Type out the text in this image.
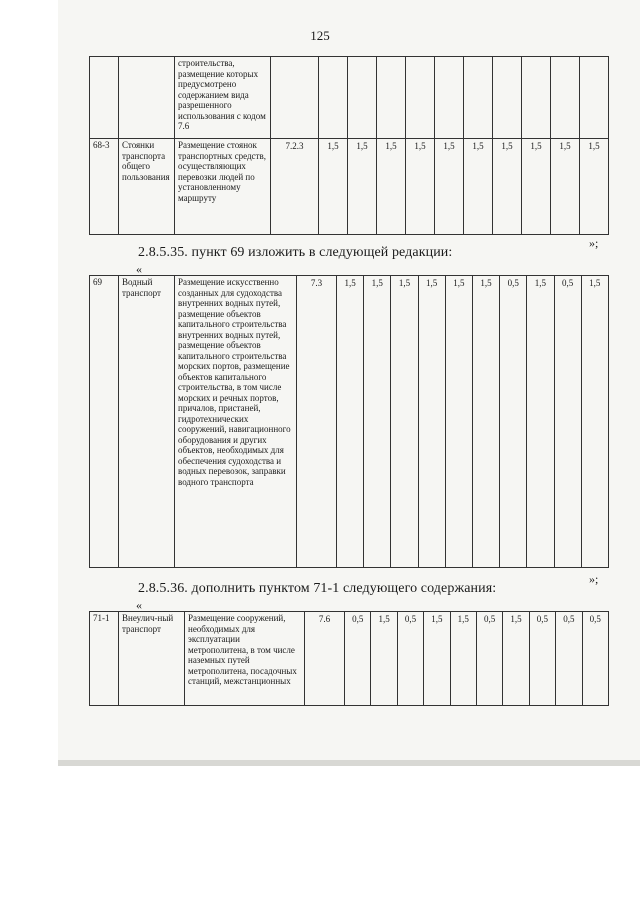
125
		строительства, размещение которых предусмотрено содержанием вида разрешенного использования с кодом 7.6											
68-3	Стоянки транспорта общего пользования	Размещение стоянок транспортных средств, осуществляющих перевозки людей по установленному маршруту	7.2.3	1,5	1,5	1,5	1,5	1,5	1,5	1,5	1,5	1,5	1,5
»;
2.8.5.35. пункт 69 изложить в следующей редакции:
«
69	Водный транспорт	Размещение искусственно созданных для судоходства внутренних водных путей, размещение объектов капитального строительства внутренних водных путей, размещение объектов капитального строительства морских портов, размещение объектов капитального строительства, в том числе морских и речных портов, причалов, пристаней, гидротехнических сооружений, навигационного оборудования и других объектов, необходимых для обеспечения судоходства и водных перевозок, заправки водного транспорта	7.3	1,5	1,5	1,5	1,5	1,5	1,5	0,5	1,5	0,5	1,5
»;
2.8.5.36. дополнить пунктом 71-1 следующего содержания:
«
71-1	Внеулич-ный транспорт	Размещение сооружений, необходимых для эксплуатации метрополитена, в том числе наземных путей метрополитена, посадочных станций, межстанционных	7.6	0,5	1,5	0,5	1,5	1,5	0,5	1,5	0,5	0,5	0,5
